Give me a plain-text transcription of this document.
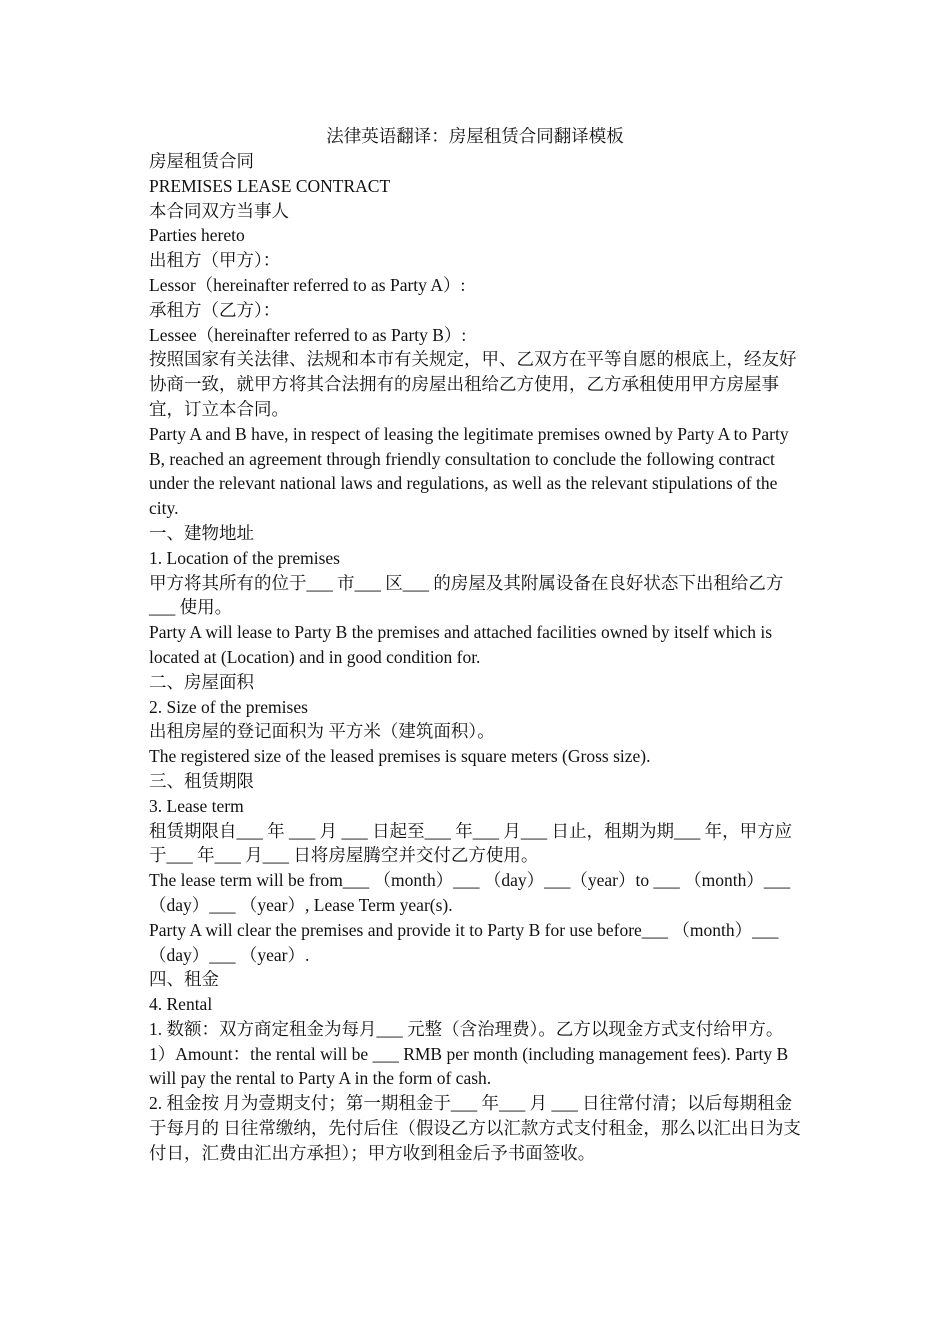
法律英语翻译：房屋租赁合同翻译模板

房屋租赁合同

PREMISES LEASE CONTRACT

本合同双方当事人

Parties hereto

出租方（甲方）：

Lessor（hereinafter referred to as Party A）:

承租方（乙方）：

Lessee（hereinafter referred to as Party B）:

按照国家有关法律、法规和本市有关规定，甲、乙双方在平等自愿的根底上，经友好协商一致，就甲方将其合法拥有的房屋出租给乙方使用，乙方承租使用甲方房屋事宜，订立本合同。

Party A and B have, in respect of leasing the legitimate premises owned by Party A to Party B, reached an agreement through friendly consultation to conclude the following contract under the relevant national laws and regulations, as well as the relevant stipulations of the city.

一、建物地址

1. Location of the premises

甲方将其所有的位于___ 市___ 区___ 的房屋及其附属设备在良好状态下出租给乙方___ 使用。

Party A will lease to Party B the premises and attached facilities owned by itself which is located at (Location) and in good condition for.

二、房屋面积

2. Size of the premises

出租房屋的登记面积为 平方米（建筑面积）。

The registered size of the leased premises is square meters (Gross size).

三、租赁期限

3. Lease term

租赁期限自___ 年 ___ 月 ___ 日起至___ 年___ 月___ 日止，租期为期___ 年，甲方应于___ 年___ 月___ 日将房屋腾空并交付乙方使用。

The lease term will be from___ （month）___ （day）___（year）to ___ （month）___ （day）___ （year）, Lease Term year(s).

Party A will clear the premises and provide it to Party B for use before___ （month）___ （day）___ （year）.

四、租金

4. Rental

1. 数额：双方商定租金为每月___ 元整（含治理费）。乙方以现金方式支付给甲方。

1）Amount：the rental will be ___ RMB per month (including management fees). Party B will pay the rental to Party A in the form of cash.

2. 租金按 月为壹期支付；第一期租金于___ 年___ 月 ___ 日往常付清；以后每期租金于每月的 日往常缴纳，先付后住（假设乙方以汇款方式支付租金，那么以汇出日为支付日，汇费由汇出方承担）；甲方收到租金后予书面签收。
